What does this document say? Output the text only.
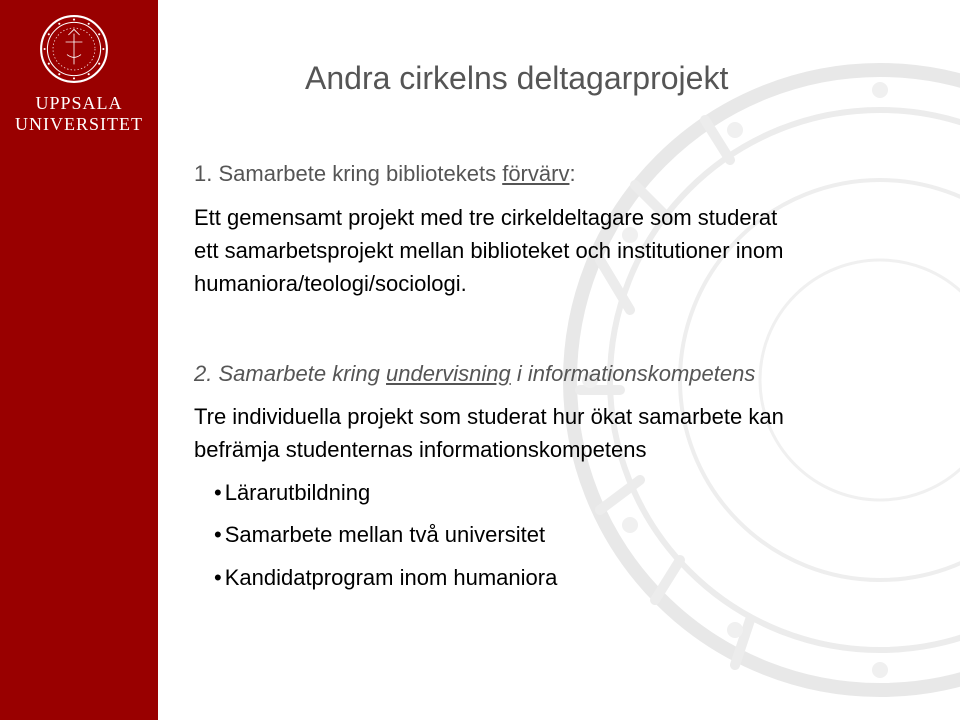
UPPSALA
UNIVERSITET
Andra cirkelns deltagarprojekt
1. Samarbete kring bibliotekets förvärv:
Ett gemensamt projekt med tre cirkeldeltagare som studerat
ett samarbetsprojekt mellan biblioteket och institutioner inom
humaniora/teologi/sociologi.
2. Samarbete kring undervisning i informationskompetens
Tre individuella projekt som studerat hur ökat samarbete kan
befrämja studenternas informationskompetens
• Lärarutbildning
• Samarbete mellan två universitet
• Kandidatprogram inom humaniora
